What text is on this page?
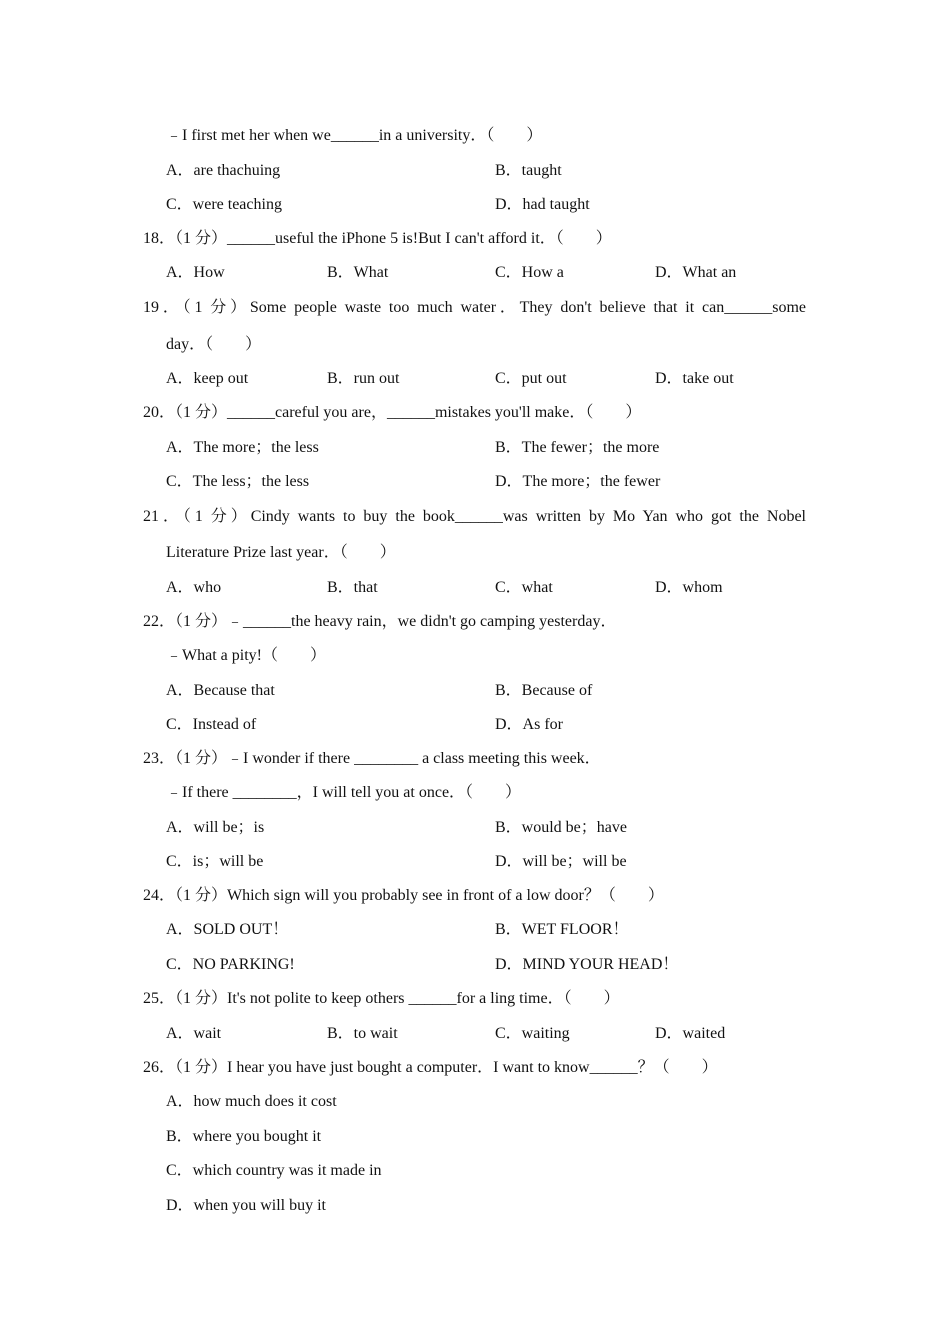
﹣I first met her when we______in a university．（　　）
A．are thachuing	B．taught
C．were teaching	D．had taught
18．（1 分）______useful the iPhone 5 is!But I can't afford it．（　　）
A．How	B．What	C．How a	D．What an
19．（1 分）Some people waste too much water．They don't believe that it can______some
day．（　　）
A．keep out	B．run out	C．put out	D．take out
20．（1 分）______careful you are，______mistakes you'll make．（　　）
A．The more；the less	B．The fewer；the more
C．The less；the less	D．The more；the fewer
21．（1 分）Cindy wants to buy the book______was written by Mo Yan who got the Nobel
Literature Prize last year．（　　）
A．who	B．that	C．what	D．whom
22．（1 分）﹣______the heavy rain，we didn't go camping yesterday．
﹣What a pity!（　　）
A．Because that	B．Because of
C．Instead of	D．As for
23．（1 分）﹣I wonder if there ________ a class meeting this week．
﹣If there ________，I will tell you at once．（　　）
A．will be；is	B．would be；have
C．is；will be	D．will be；will be
24．（1 分）Which sign will you probably see in front of a low door？（　　）
A．SOLD OUT！	B．WET FLOOR！
C．NO PARKING!	D．MIND YOUR HEAD！
25．（1 分）It's not polite to keep others ______for a ling time．（　　）
A．wait	B．to wait	C．waiting	D．waited
26．（1 分）I hear you have just bought a computer．I want to know______？（　　）
A．how much does it cost
B．where you bought it
C．which country was it made in
D．when you will buy it
